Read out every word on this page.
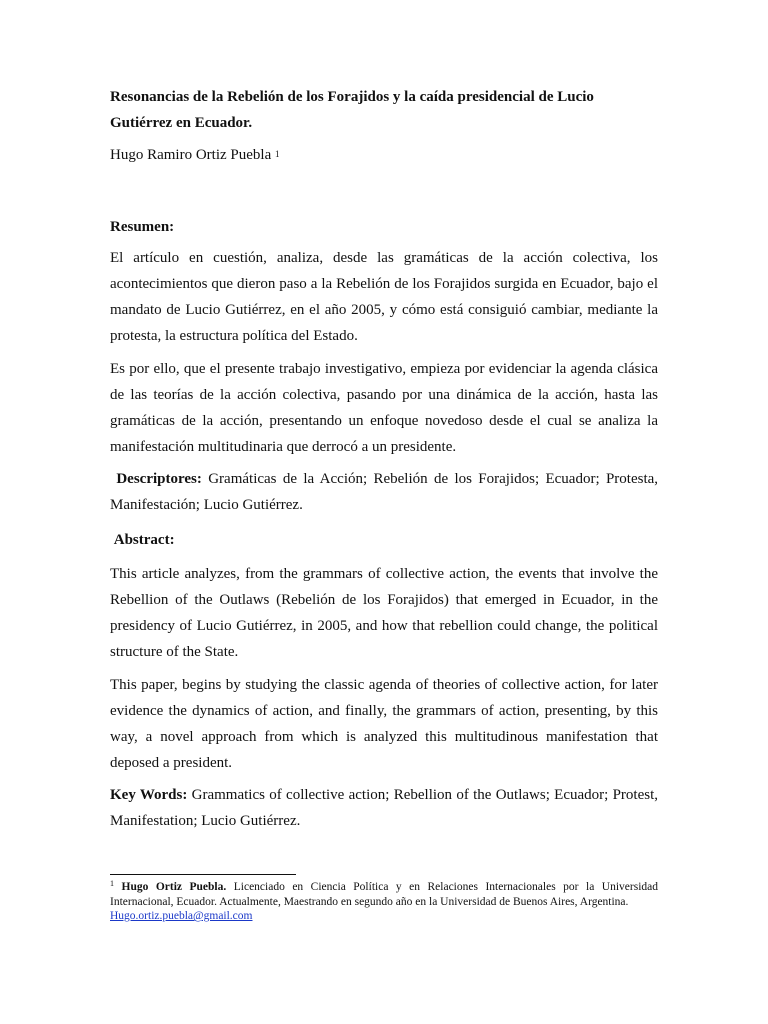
Resonancias de la Rebelión de los Forajidos y la caída presidencial de Lucio Gutiérrez en Ecuador.
Hugo Ramiro Ortiz Puebla $^1$
Resumen:
El artículo en cuestión, analiza, desde las gramáticas de la acción colectiva, los acontecimientos que dieron paso a la Rebelión de los Forajidos surgida en Ecuador, bajo el mandato de Lucio Gutiérrez, en el año 2005, y cómo está consiguió cambiar, mediante la protesta, la estructura política del Estado.
Es por ello, que el presente trabajo investigativo, empieza por evidenciar la agenda clásica de las teorías de la acción colectiva, pasando por una dinámica de la acción, hasta las gramáticas de la acción, presentando un enfoque novedoso desde el cual se analiza la manifestación multitudinaria que derrocó a un presidente.
Descriptores: Gramáticas de la Acción; Rebelión de los Forajidos; Ecuador; Protesta, Manifestación; Lucio Gutiérrez.
Abstract:
This article analyzes, from the grammars of collective action, the events that involve the Rebellion of the Outlaws (Rebelión de los Forajidos) that emerged in Ecuador, in the presidency of Lucio Gutiérrez, in 2005, and how that rebellion could change, the political structure of the State.
This paper, begins by studying the classic agenda of theories of collective action, for later evidence the dynamics of action, and finally, the grammars of action, presenting, by this way, a novel approach from which is analyzed this multitudinous manifestation that deposed a president.
Key Words: Grammatics of collective action; Rebellion of the Outlaws; Ecuador; Protest, Manifestation; Lucio Gutiérrez.
$^1$ Hugo Ortiz Puebla. Licenciado en Ciencia Política y en Relaciones Internacionales por la Universidad Internacional, Ecuador. Actualmente, Maestrando en segundo año en la Universidad de Buenos Aires, Argentina.
Hugo.ortiz.puebla@gmail.com
